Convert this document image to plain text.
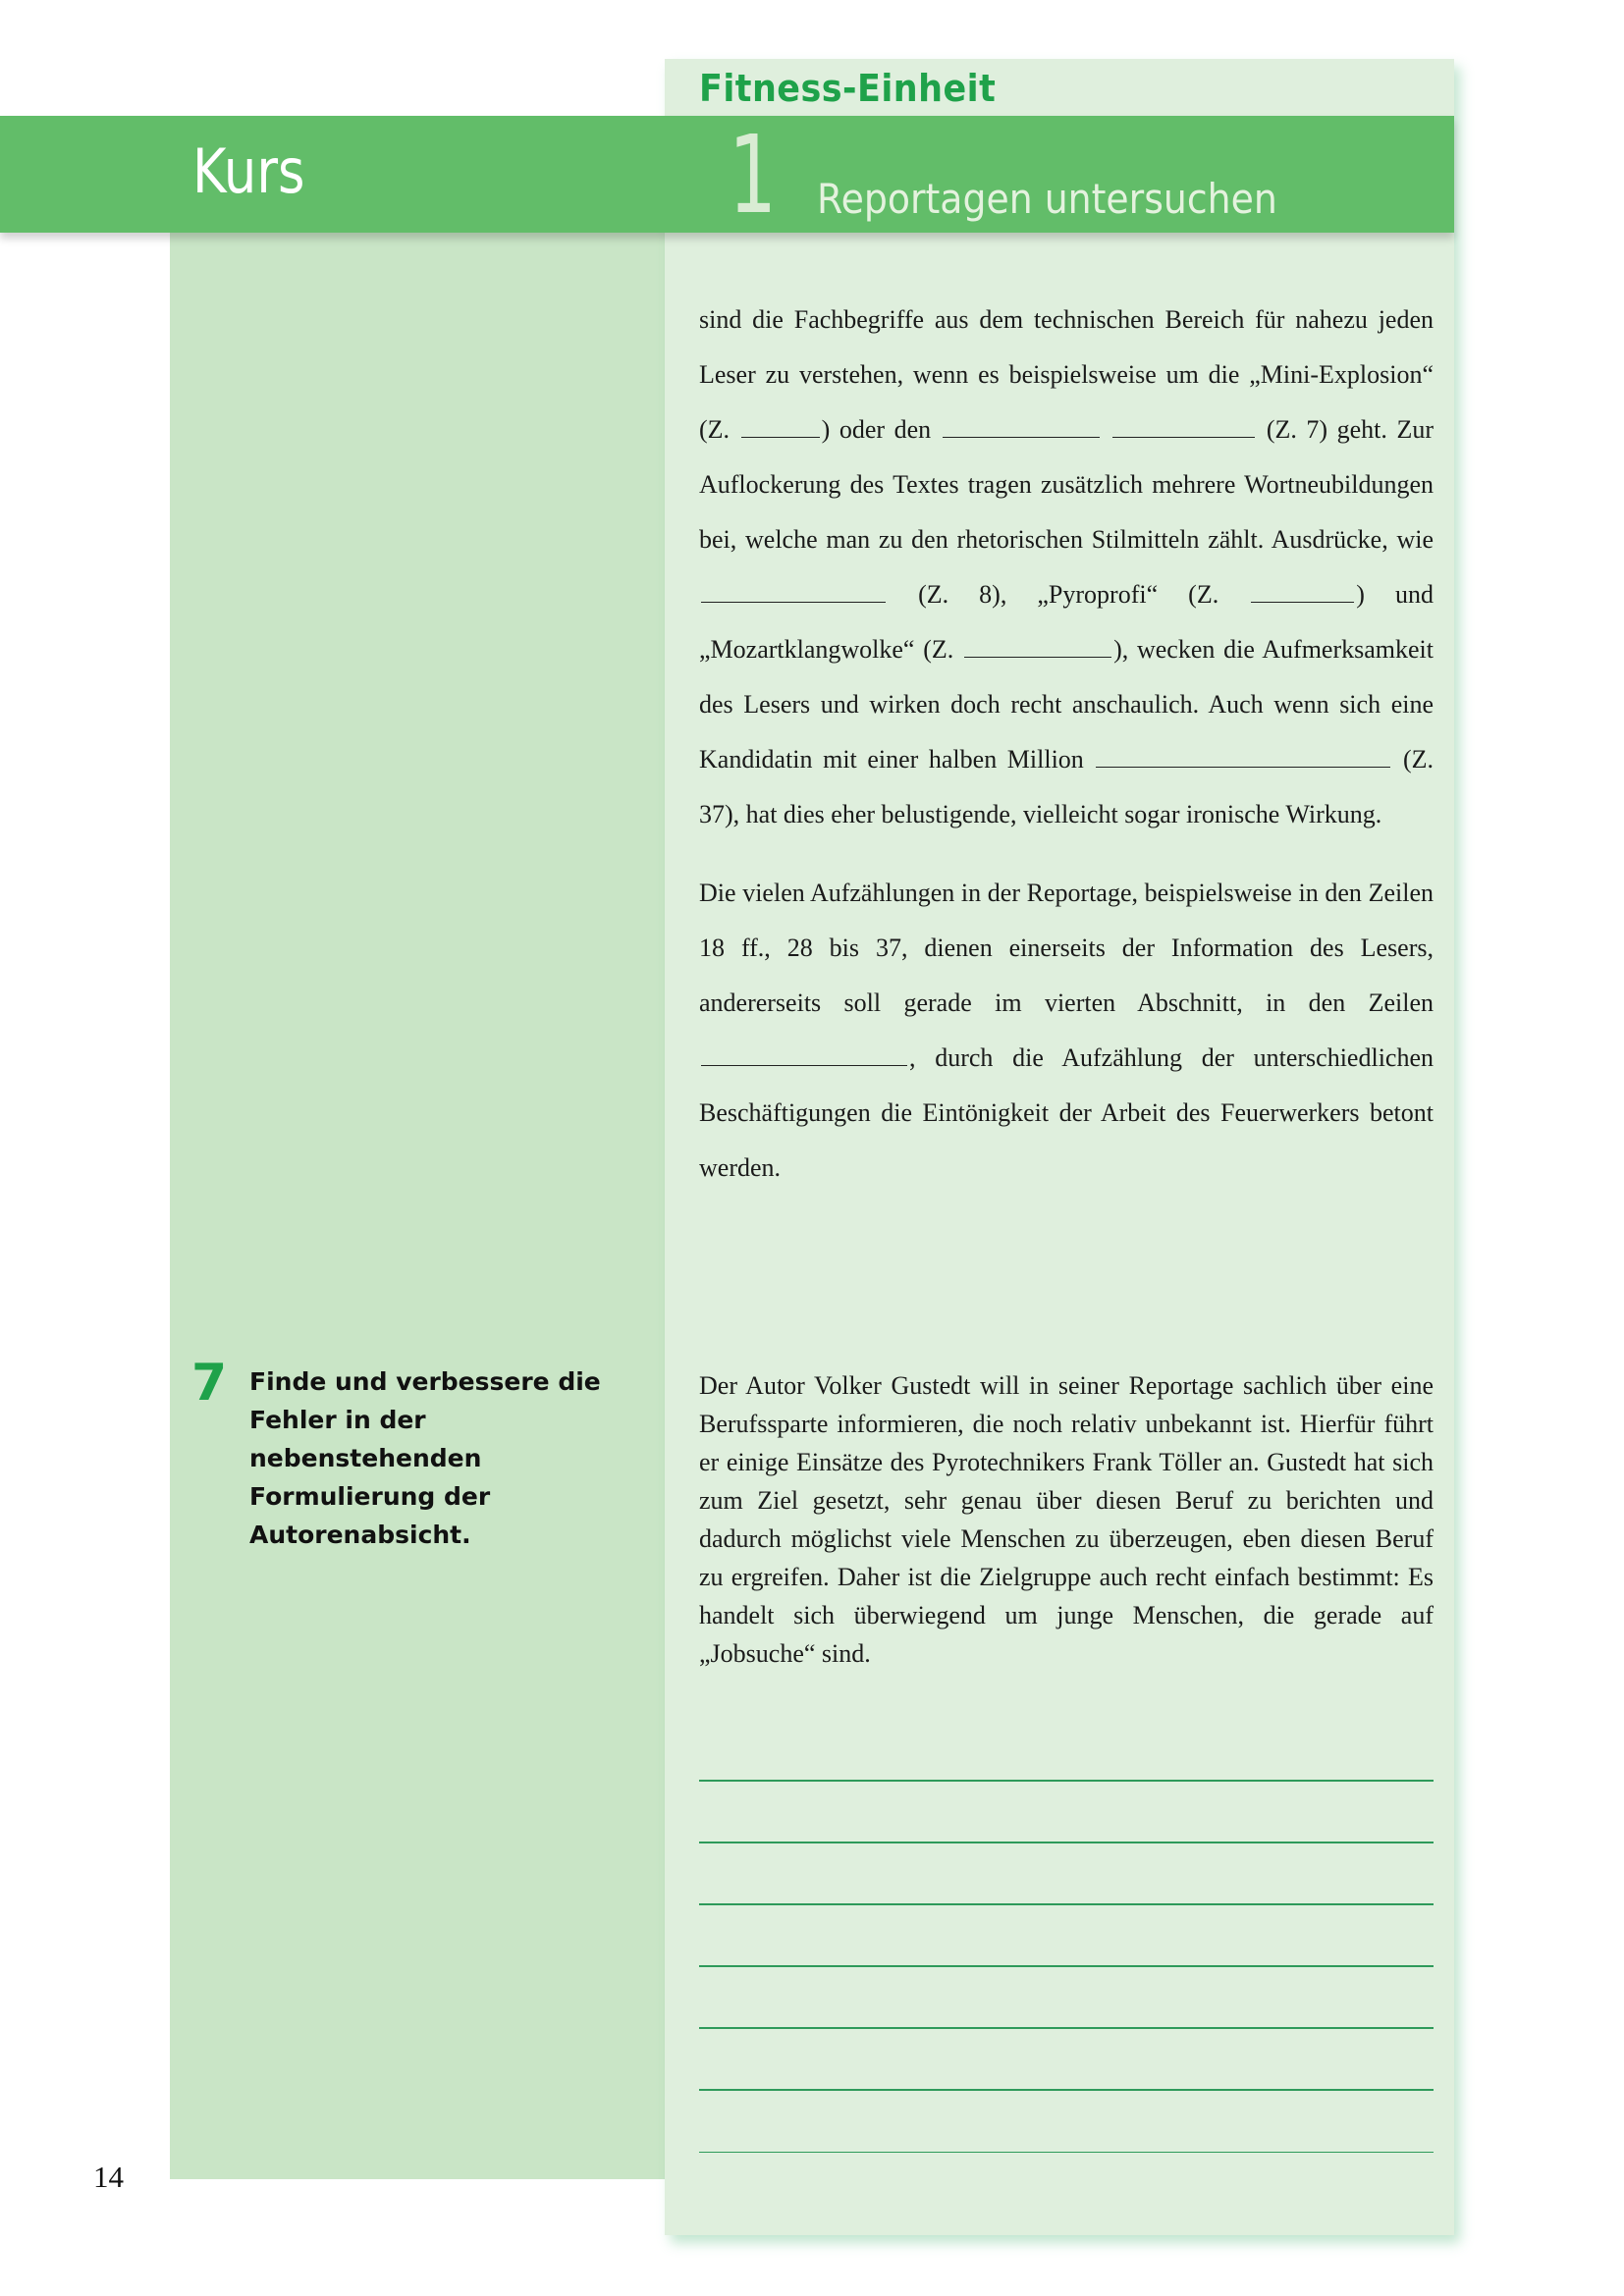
Fitness-Einheit
Kurs	1 Reportagen untersuchen

sind die Fachbegriffe aus dem technischen Bereich für nahezu jeden Leser zu verstehen, wenn es beispielsweise um die „Mini-Explosion“ (Z.	) oder den	(Z. 7) geht. Zur Auflockerung des Textes tragen zusätzlich mehrere Wortneubildungen bei, welche man zu den rhetorischen Stilmitteln zählt. Ausdrücke, wie  (Z. 8), „Pyroprofi“ (Z.	) und „Mozartklangwolke“ (Z.	), wecken die Aufmerksamkeit des Lesers und wirken doch recht anschaulich. Auch wenn sich eine Kandidatin mit einer halben Million	(Z. 37), hat dies eher belustigende, vielleicht sogar ironische Wirkung.

Die vielen Aufzählungen in der Reportage, beispielsweise in den Zeilen 18 ff., 28 bis 37, dienen einerseits der Information des Lesers, andererseits soll gerade im vierten Abschnitt, in den Zeilen , durch die Aufzählung der unterschiedlichen Beschäftigungen die Eintönigkeit der Arbeit des Feuerwerkers betont werden.

7 Finde und verbessere die Fehler in der nebenstehenden Formulierung der Autorenabsicht.
Der Autor Volker Gustedt will in seiner Reportage sachlich über eine Berufssparte informieren, die noch relativ unbekannt ist. Hierfür führt er einige Einsätze des Pyrotechnikers Frank Töller an. Gustedt hat sich zum Ziel gesetzt, sehr genau über diesen Beruf zu berichten und dadurch möglichst viele Menschen zu überzeugen, eben diesen Beruf zu ergreifen. Daher ist die Zielgruppe auch recht einfach bestimmt: Es handelt sich überwiegend um junge Menschen, die gerade auf „Jobsuche“ sind.
14
